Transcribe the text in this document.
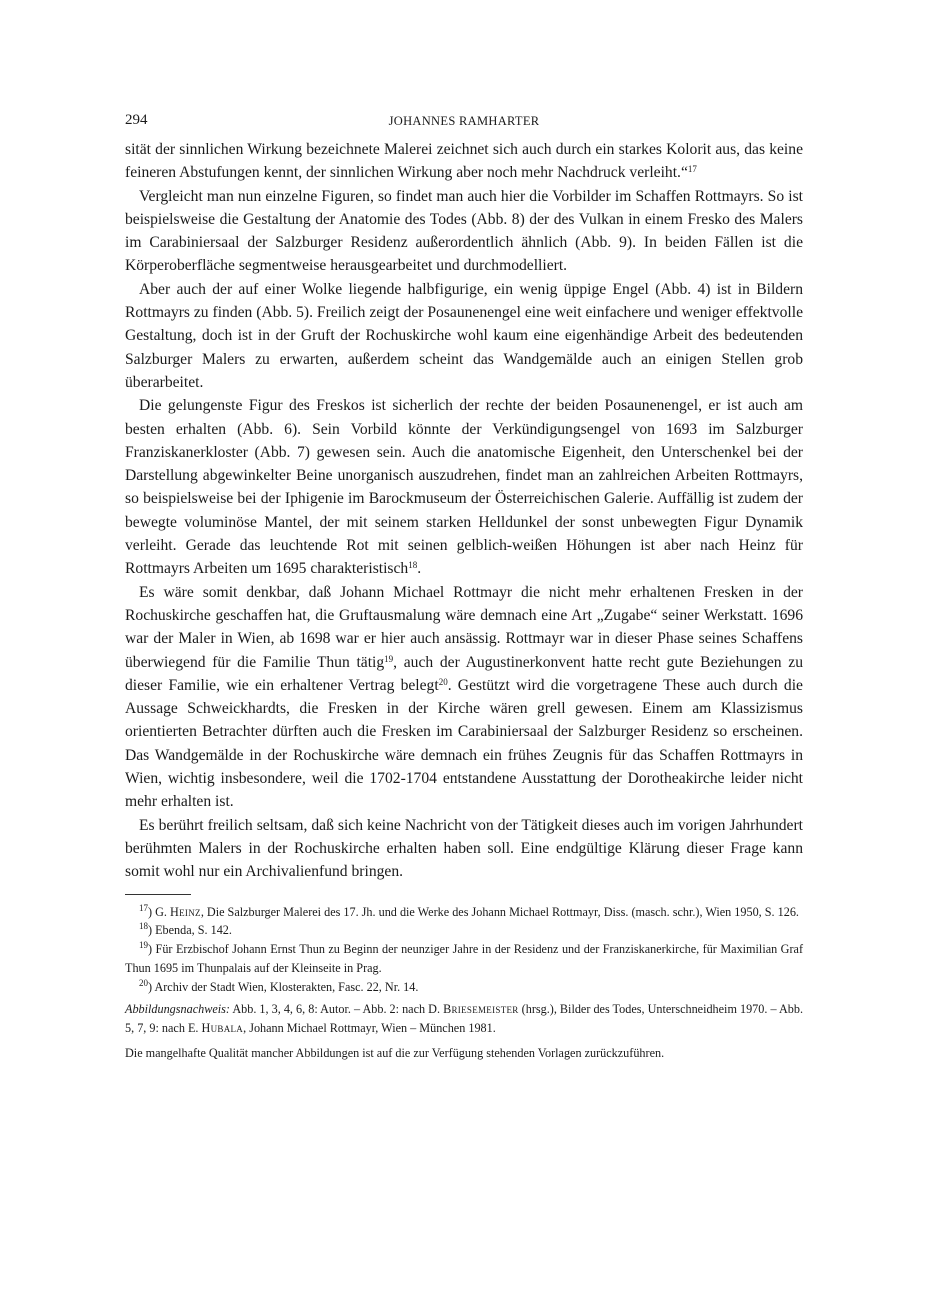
294	JOHANNES RAMHARTER

sität der sinnlichen Wirkung bezeichnete Malerei zeichnet sich auch durch ein starkes Kolorit aus, das keine feineren Abstufungen kennt, der sinnlichen Wirkung aber noch mehr Nachdruck verleiht.“$^{17}$

Vergleicht man nun einzelne Figuren, so findet man auch hier die Vorbilder im Schaffen Rottmayrs. So ist beispielsweise die Gestaltung der Anatomie des Todes (Abb. 8) der des Vulkan in einem Fresko des Malers im Carabiniersaal der Salzburger Residenz außerordentlich ähnlich (Abb. 9). In beiden Fällen ist die Körperoberfläche segmentweise herausgearbeitet und durchmodelliert.

Aber auch der auf einer Wolke liegende halbfigurige, ein wenig üppige Engel (Abb. 4) ist in Bildern Rottmayrs zu finden (Abb. 5). Freilich zeigt der Posaunenengel eine weit einfachere und weniger effektvolle Gestaltung, doch ist in der Gruft der Rochuskirche wohl kaum eine eigenhändige Arbeit des bedeutenden Salzburger Malers zu erwarten, außerdem scheint das Wandgemälde auch an einigen Stellen grob überarbeitet.

Die gelungenste Figur des Freskos ist sicherlich der rechte der beiden Posaunenengel, er ist auch am besten erhalten (Abb. 6). Sein Vorbild könnte der Verkündigungsengel von 1693 im Salzburger Franziskanerkloster (Abb. 7) gewesen sein. Auch die anatomische Eigenheit, den Unterschenkel bei der Darstellung abgewinkelter Beine unorganisch auszudrehen, findet man an zahlreichen Arbeiten Rottmayrs, so beispielsweise bei der Iphigenie im Barockmuseum der Österreichischen Galerie. Auffällig ist zudem der bewegte voluminöse Mantel, der mit seinem starken Helldunkel der sonst unbewegten Figur Dynamik verleiht. Gerade das leuchtende Rot mit seinen gelblich-weißen Höhungen ist aber nach Heinz für Rottmayrs Arbeiten um 1695 charakteristisch$^{18}$.

Es wäre somit denkbar, daß Johann Michael Rottmayr die nicht mehr erhaltenen Fresken in der Rochuskirche geschaffen hat, die Gruftausmalung wäre demnach eine Art „Zugabe“ seiner Werkstatt. 1696 war der Maler in Wien, ab 1698 war er hier auch ansässig. Rottmayr war in dieser Phase seines Schaffens überwiegend für die Familie Thun tätig$^{19}$, auch der Augustinerkonvent hatte recht gute Beziehungen zu dieser Familie, wie ein erhaltener Vertrag belegt$^{20}$. Gestützt wird die vorgetragene These auch durch die Aussage Schweickhardts, die Fresken in der Kirche wären grell gewesen. Einem am Klassizismus orientierten Betrachter dürften auch die Fresken im Carabiniersaal der Salzburger Residenz so erscheinen. Das Wandgemälde in der Rochuskirche wäre demnach ein frühes Zeugnis für das Schaffen Rottmayrs in Wien, wichtig insbesondere, weil die 1702-1704 entstandene Ausstattung der Dorotheakirche leider nicht mehr erhalten ist.

Es berührt freilich seltsam, daß sich keine Nachricht von der Tätigkeit dieses auch im vorigen Jahrhundert berühmten Malers in der Rochuskirche erhalten haben soll. Eine endgültige Klärung dieser Frage kann somit wohl nur ein Archivalienfund bringen.

$^{17}$) G. Heinz, Die Salzburger Malerei des 17. Jh. und die Werke des Johann Michael Rottmayr, Diss. (masch. schr.), Wien 1950, S. 126.

$^{18}$) Ebenda, S. 142.

$^{19}$) Für Erzbischof Johann Ernst Thun zu Beginn der neunziger Jahre in der Residenz und der Franziskanerkirche, für Maximilian Graf Thun 1695 im Thunpalais auf der Kleinseite in Prag.

$^{20}$) Archiv der Stadt Wien, Klosterakten, Fasc. 22, Nr. 14.

Abbildungsnachweis: Abb. 1, 3, 4, 6, 8: Autor. – Abb. 2: nach D. Briesemeister (hrsg.), Bilder des Todes, Unterschneidheim 1970. – Abb. 5, 7, 9: nach E. Hubala, Johann Michael Rottmayr, Wien – München 1981.

Die mangelhafte Qualität mancher Abbildungen ist auf die zur Verfügung stehenden Vorlagen zurückzuführen.
